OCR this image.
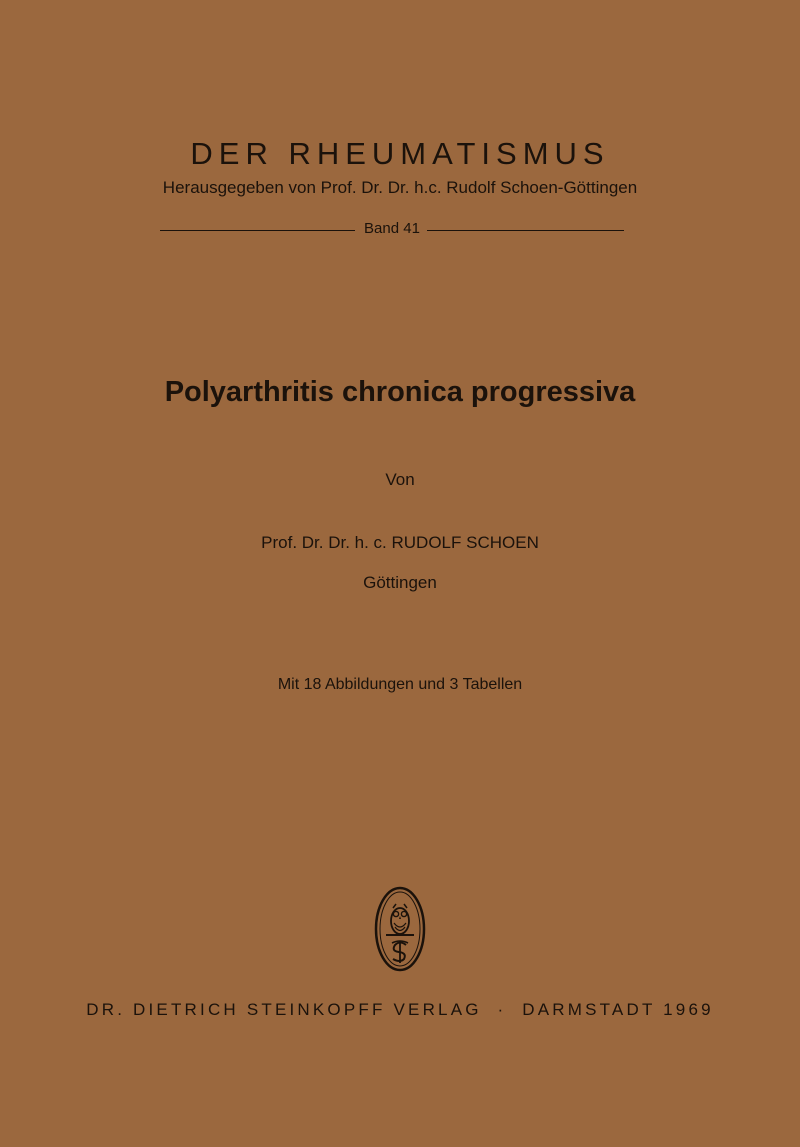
DER RHEUMATISMUS
Herausgegeben von Prof. Dr. Dr. h.c. Rudolf Schoen-Göttingen
Band 41
Polyarthritis chronica progressiva
Von
Prof. Dr. Dr. h. c. RUDOLF SCHOEN
Göttingen
Mit 18 Abbildungen und 3 Tabellen
DR. DIETRICH STEINKOPFF VERLAG  ·  DARMSTADT 1969
